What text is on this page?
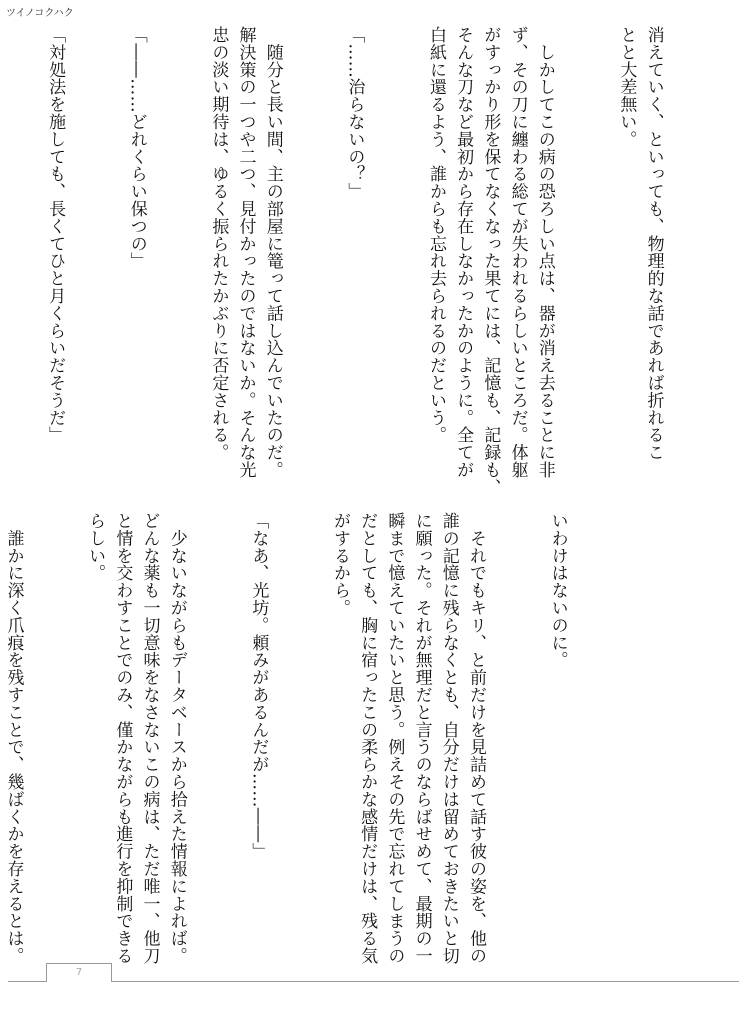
ツイノコクハク

消えていく、といっても、物理的な話であれば折れるこ
とと大差無い。

　しかしてこの病の恐ろしい点は、器が消え去ることに非
ず、その刀に纏わる総てが失われるらしいところだ。体躯
がすっかり形を保てなくなった果てには、記憶も、記録も、
そんな刀など最初から存在しなかったかのように。全てが
白紙に還るよう、誰からも忘れ去られるのだという。

「……治らないの？」

　随分と長い間、主の部屋に篭って話し込んでいたのだ。
解決策の一つや二つ、見付かったのではないか。そんな光
忠の淡い期待は、ゆるく振られたかぶりに否定される。

「――……どれくらい保つの」

「対処法を施しても、長くてひと月くらいだそうだ」

いわけはないのに。

　それでもキリ、と前だけを見詰めて話す彼の姿を、他の
誰の記憶に残らなくとも、自分だけは留めておきたいと切
に願った。それが無理だと言うのならばせめて、最期の一
瞬まで憶えていたいと思う。例えその先で忘れてしまうの
だとしても、胸に宿ったこの柔らかな感情だけは、残る気
がするから。

「なあ、光坊。頼みがあるんだが……――」

　少ないながらもデータベースから拾えた情報によれば。
どんな薬も一切意味をなさないこの病は、ただ唯一、他刀
と情を交わすことでのみ、僅かながらも進行を抑制できる
らしい。

　誰かに深く爪痕を残すことで、幾ばくかを存えるとは。

7
